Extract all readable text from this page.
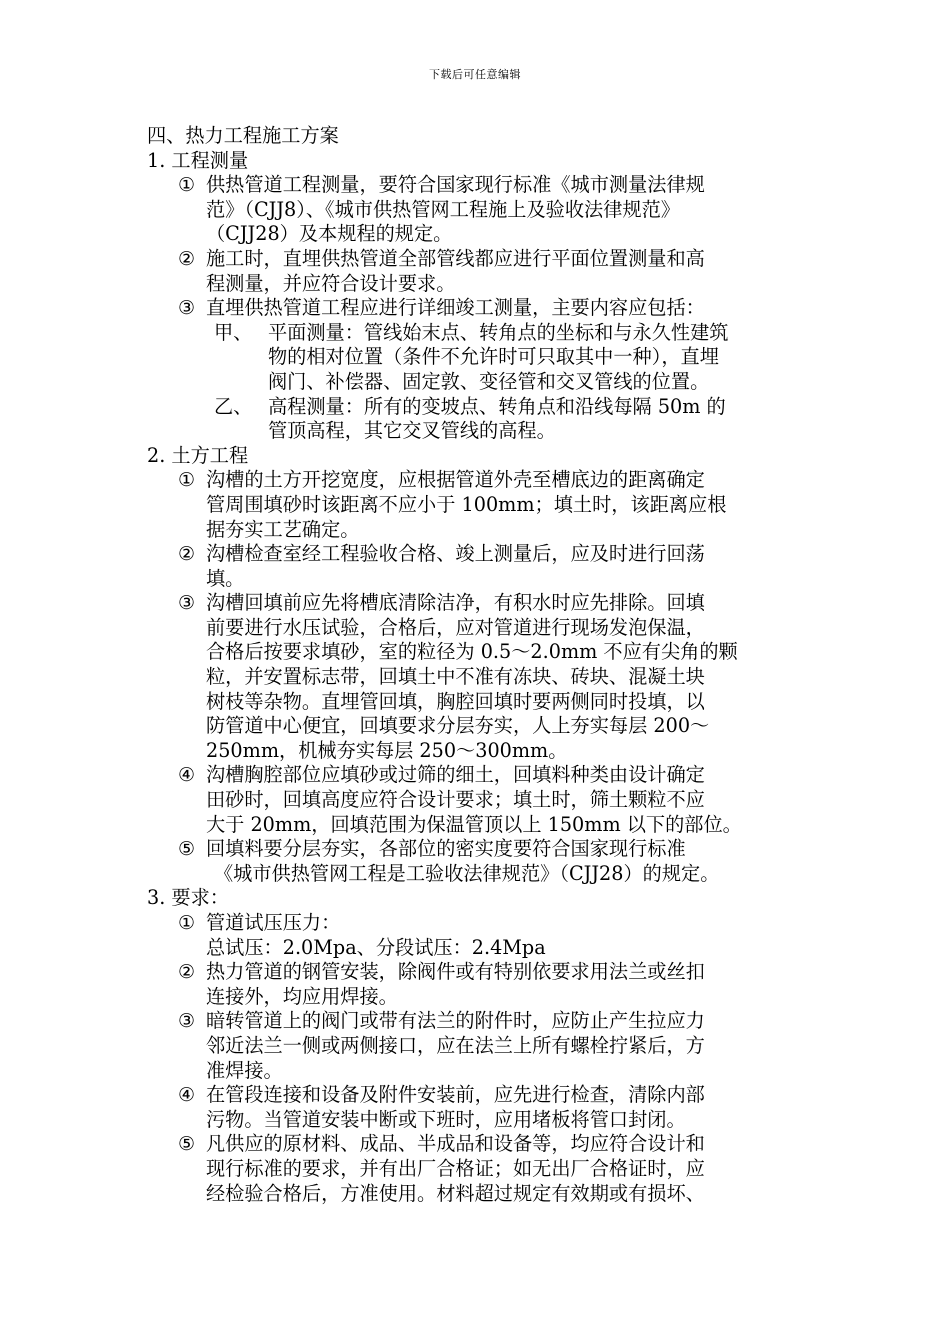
下载后可任意编辑
四、热力工程施工方案
1. 工程测量
① 供热管道工程测量，要符合国家现行标准《城市测量法律规
范》（CJJ8）、《城市供热管网工程施上及验收法律规范》
（CJJ28）及本规程的规定。
② 施工时，直埋供热管道全部管线都应进行平面位置测量和高
程测量，并应符合设计要求。
③ 直埋供热管道工程应进行详细竣工测量，主要内容应包括：
甲、 平面测量：管线始末点、转角点的坐标和与永久性建筑
物的相对位置（条件不允许时可只取其中一种），直埋
阀门、补偿器、固定敦、变径管和交叉管线的位置。
乙、 高程测量：所有的变坡点、转角点和沿线每隔 50m 的
管顶高程，其它交叉管线的高程。
2. 土方工程
① 沟槽的土方开挖宽度，应根据管道外壳至槽底边的距离确定
管周围填砂时该距离不应小于 100mm；填土时，该距离应根
据夯实工艺确定。
② 沟槽检查室经工程验收合格、竣上测量后，应及时进行回荡
填。
③ 沟槽回填前应先将槽底清除洁净，有积水时应先排除。回填
前要进行水压试验，合格后，应对管道进行现场发泡保温，
合格后按要求填砂，室的粒径为 0.5～2.0mm 不应有尖角的颗
粒，并安置标志带，回填土中不准有冻块、砖块、混凝土块
树枝等杂物。直埋管回填，胸腔回填时要两侧同时投填，以
防管道中心便宜，回填要求分层夯实，人上夯实每层 200～
250mm，机械夯实每层 250～300mm。
④ 沟槽胸腔部位应填砂或过筛的细土，回填料种类由设计确定
田砂时，回填高度应符合设计要求；填土时，筛土颗粒不应
大于 20mm，回填范围为保温管顶以上 150mm 以下的部位。
⑤ 回填料要分层夯实，各部位的密实度要符合国家现行标准
《城市供热管网工程是工验收法律规范》（CJJ28）的规定。
3. 要求：
① 管道试压压力：
总试压：2.0Mpa、分段试压：2.4Mpa
② 热力管道的钢管安装，除阀件或有特别依要求用法兰或丝扣
连接外，均应用焊接。
③ 暗转管道上的阀门或带有法兰的附件时，应防止产生拉应力
邻近法兰一侧或两侧接口，应在法兰上所有螺栓拧紧后，方
准焊接。
④ 在管段连接和设备及附件安装前，应先进行检查，清除内部
污物。当管道安装中断或下班时，应用堵板将管口封闭。
⑤ 凡供应的原材料、成品、半成品和设备等，均应符合设计和
现行标准的要求，并有出厂合格证；如无出厂合格证时，应
经检验合格后，方准使用。材料超过规定有效期或有损坏、
